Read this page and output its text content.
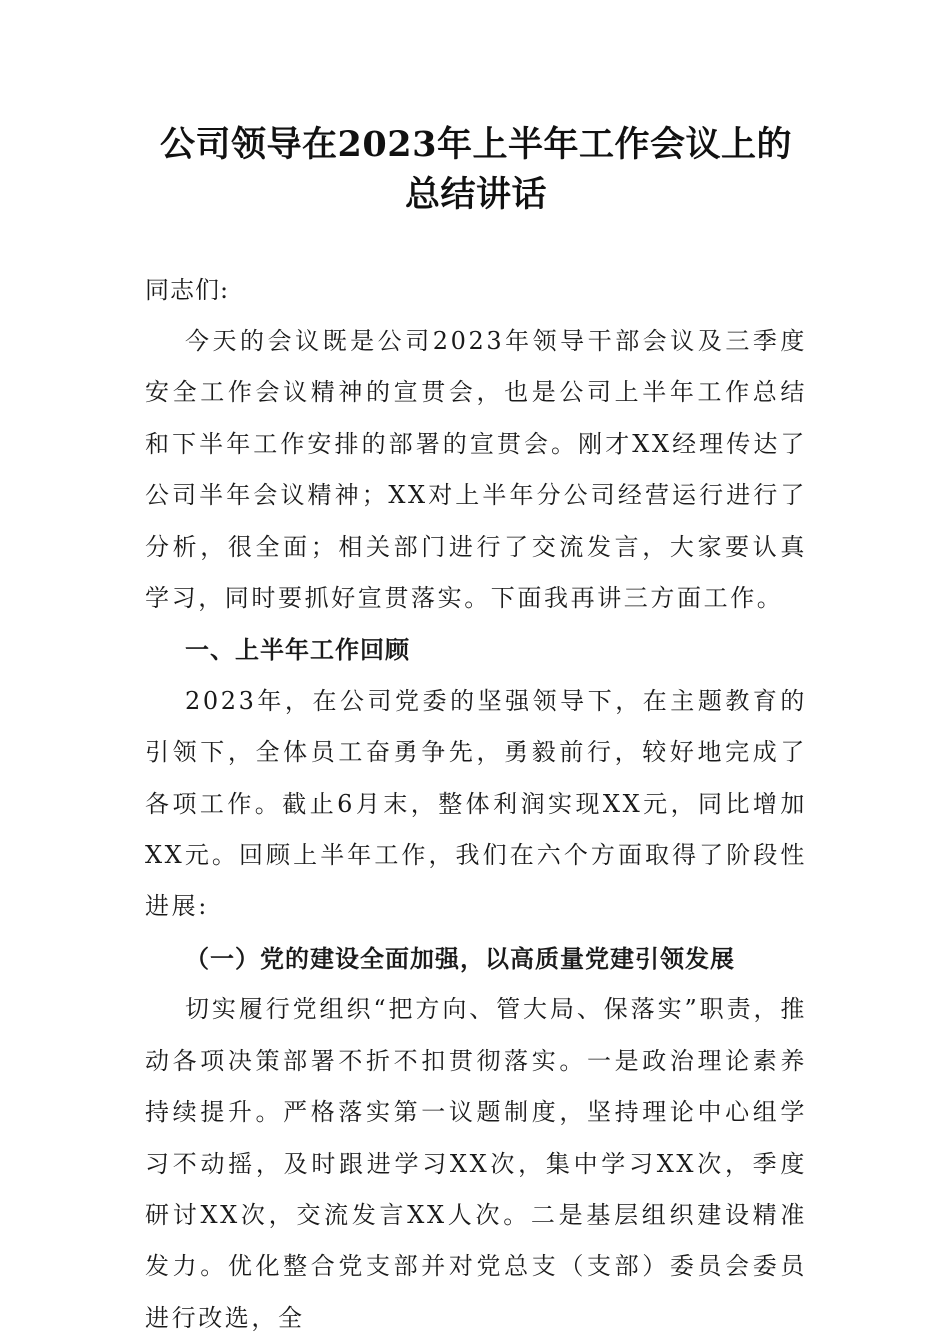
公司领导在2023年上半年工作会议上的总结讲话

同志们:

今天的会议既是公司2023年领导干部会议及三季度安全工作会议精神的宣贯会，也是公司上半年工作总结和下半年工作安排的部署的宣贯会。刚才XX经理传达了公司半年会议精神；XX对上半年分公司经营运行进行了分析，很全面；相关部门进行了交流发言，大家要认真学习，同时要抓好宣贯落实。下面我再讲三方面工作。

一、上半年工作回顾

2023年，在公司党委的坚强领导下，在主题教育的引领下，全体员工奋勇争先，勇毅前行，较好地完成了各项工作。截止6月末，整体利润实现XX元，同比增加XX元。回顾上半年工作，我们在六个方面取得了阶段性进展:

（一）党的建设全面加强，以高质量党建引领发展

切实履行党组织“把方向、管大局、保落实”职责，推动各项决策部署不折不扣贯彻落实。一是政治理论素养持续提升。严格落实第一议题制度，坚持理论中心组学习不动摇，及时跟进学习XX次，集中学习XX次，季度研讨XX次，交流发言XX人次。二是基层组织建设精准发力。优化整合党支部并对党总支（支部）委员会委员进行改选，全
